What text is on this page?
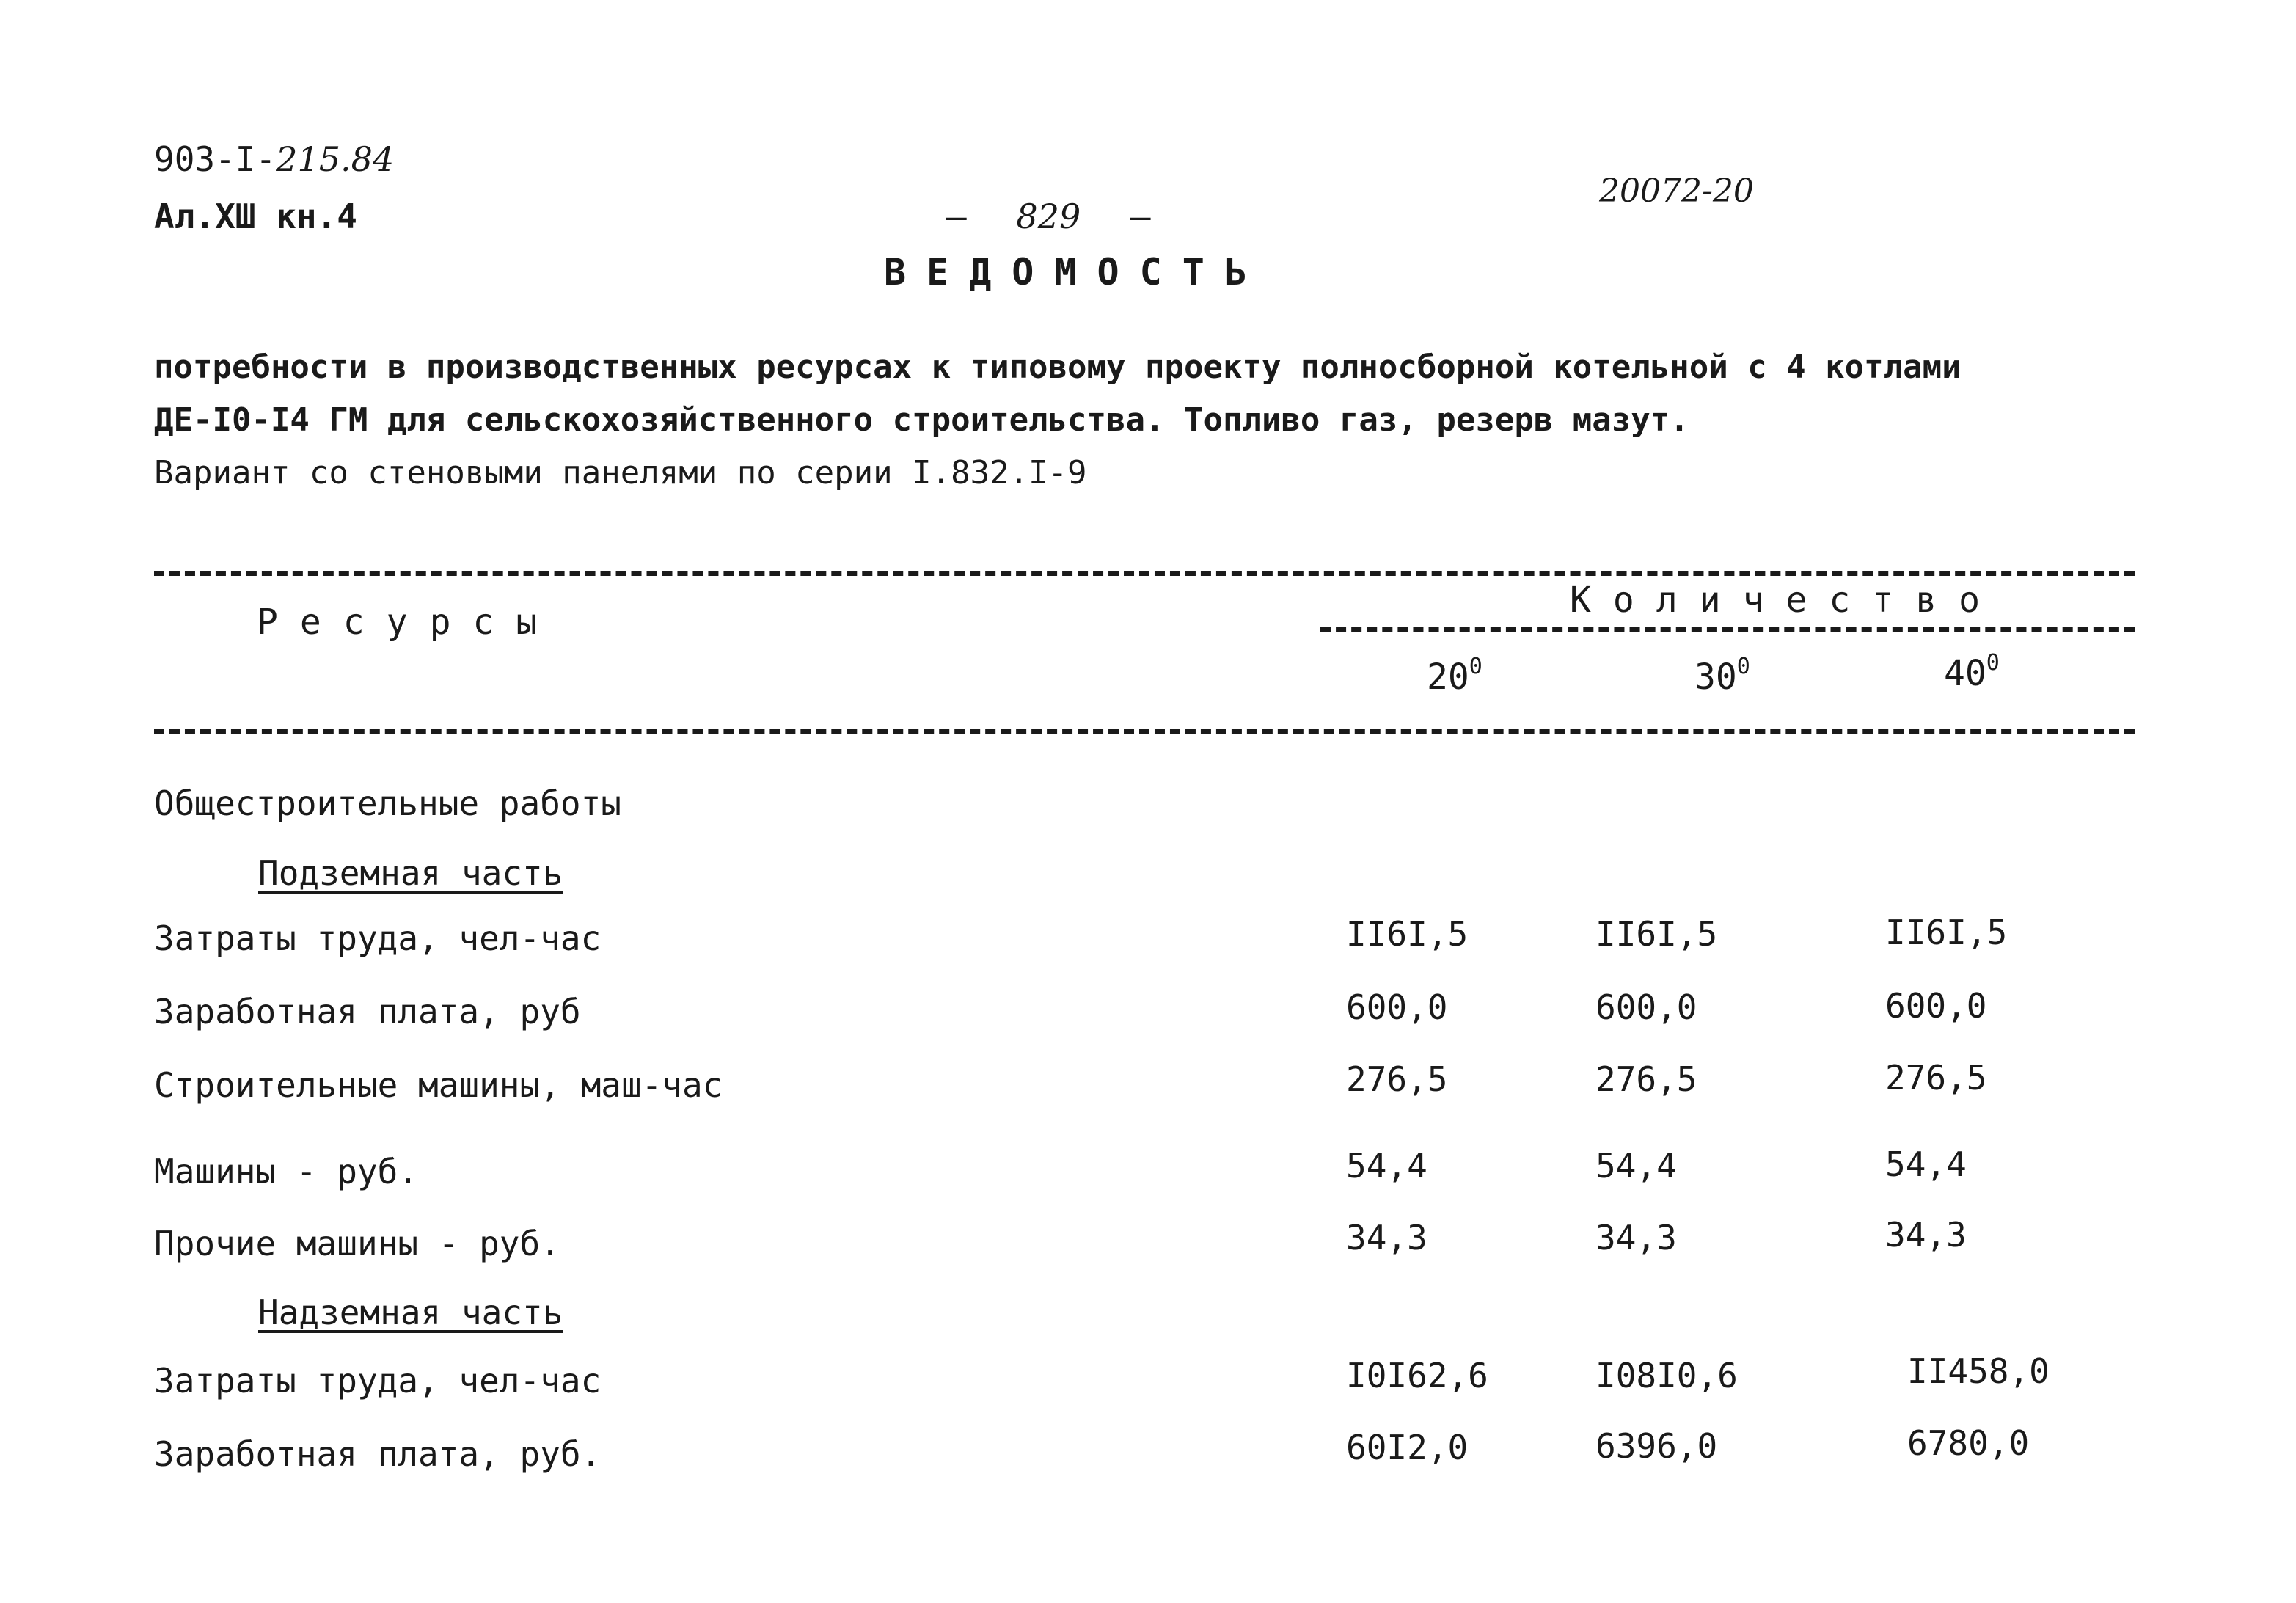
903-I-215.84
Ал.ХШ кн.4	– 829 –
20072-20
ВЕДОМОСТЬ
потребности в производственных ресурсах к типовому проекту полносборной котельной с 4 котлами
ДЕ-I0-I4 ГМ для сельскохозяйственного строительства. Топливо газ, резерв мазут.
Вариант со стеновыми панелями по серии I.832.I-9
Ресурсы
Количество
$20^0$	$30^0$	$40^0$
Общестроительные работы
Подземная часть
Затраты труда, чел-час	II6I,5	II6I,5	II6I,5
Заработная плата, руб	600,0	600,0	600,0
Строительные машины, маш-час	276,5	276,5	276,5
Машины - руб.	54,4	54,4	54,4
Прочие машины - руб.	34,3	34,3	34,3
Надземная часть
Затраты труда, чел-час	I0I62,6	I08I0,6	II458,0
Заработная плата, руб.	60I2,0	6396,0	6780,0
